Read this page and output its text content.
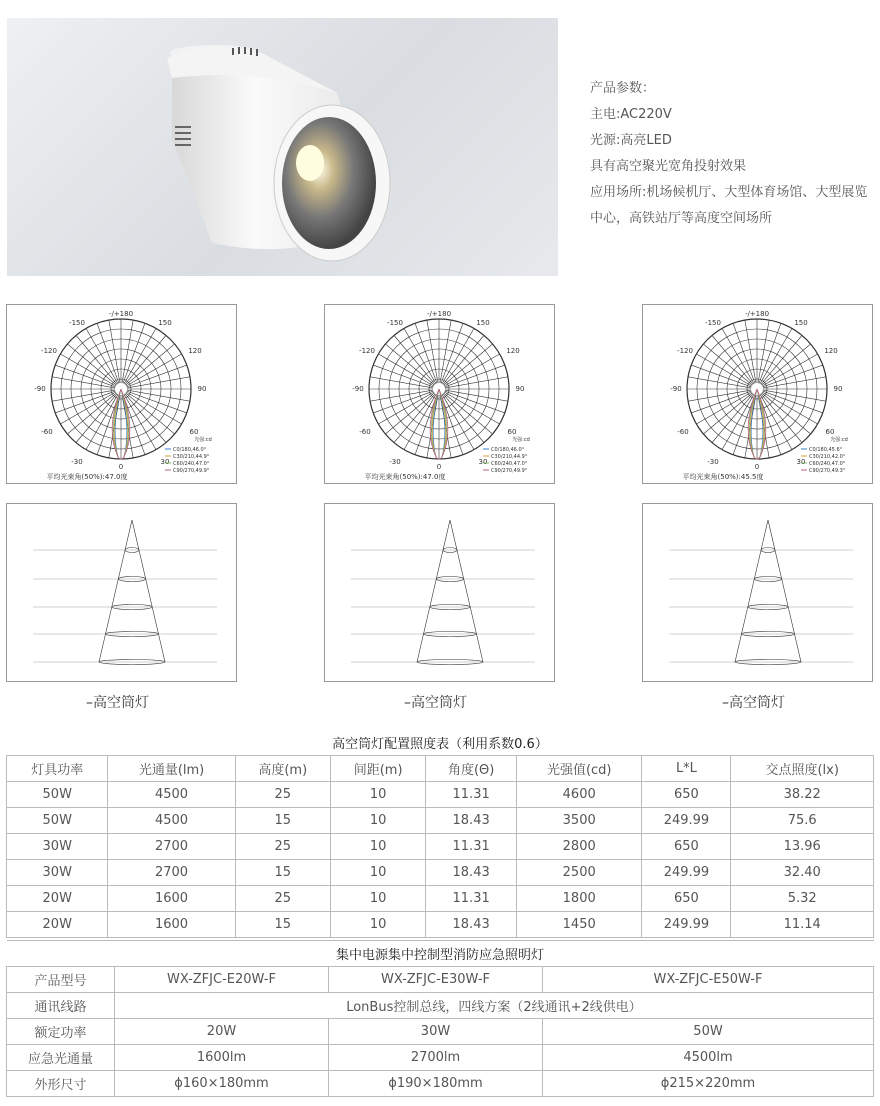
产品参数：
主电:AC220V
光源:高亮LED
具有高空聚光宽角投射效果
应用场所:机场候机厅、大型体育场馆、大型展览中心，高铁站厅等高度空间场所
-/+180
-150	150
-120	120
-90	90
-60	60
-30	30
0
光强:cd
C0/180,46.0°
C30/210,44.9°
C60/240,47.0°
C90/270,49.9°
平均光束角(50%):47.0度
-/+180
-150	150
-120	120
-90	90
-60	60
-30	30
0
光强:cd
C0/180,46.0°
C30/210,44.9°
C60/240,47.0°
C90/270,49.9°
平均光束角(50%):47.0度
-/+180
-150	150
-120	120
-90	90
-60	60
-30	30
0
光强:cd
C0/180,45.6°
C30/210,42.0°
C60/240,47.0°
C90/270,49.3°
平均光束角(50%):45.5度
–高空筒灯	–高空筒灯	–高空筒灯
高空筒灯配置照度表（利用系数0.6）							
灯具功率	光通量(lm)	高度(m)	间距(m)	角度(Θ)	光强值(cd)	L*L	交点照度(lx)
50W	4500	25	10	11.31	4600	650	38.22
50W	4500	15	10	18.43	3500	249.99	75.6
30W	2700	25	10	11.31	2800	650	13.96
30W	2700	15	10	18.43	2500	249.99	32.40
20W	1600	25	10	11.31	1800	650	5.32
20W	1600	15	10	18.43	1450	249.99	11.14
集中电源集中控制型消防应急照明灯			
产品型号	WX-ZFJC-E20W-F	WX-ZFJC-E30W-F	WX-ZFJC-E50W-F
通讯线路	LonBus控制总线，四线方案（2线通讯+2线供电）		
额定功率	20W	30W	50W
应急光通量	1600lm	2700lm	4500lm
外形尺寸	ϕ160×180mm	ϕ190×180mm	ϕ215×220mm
